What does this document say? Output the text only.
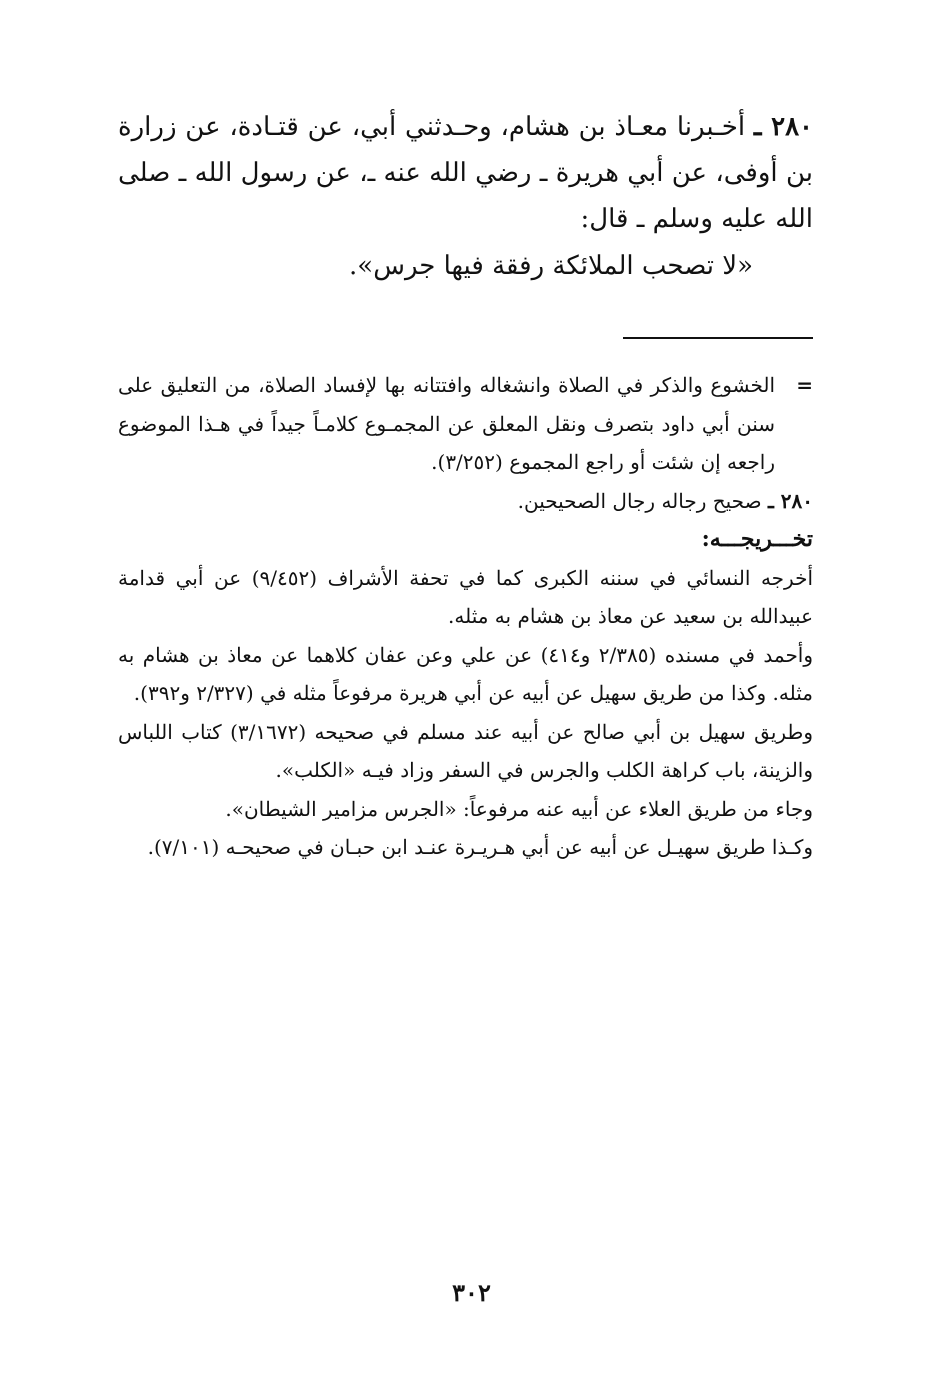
٢٨٠ ـ أخـبرنا معـاذ بن هشام، وحـدثني أبي، عن قتـادة، عن زرارة بن أوفى، عن أبي هريرة ـ رضي الله عنه ـ، عن رسول الله ـ صلى الله عليه وسلم ـ قال:

«لا تصحب الملائكة رفقة فيها جرس».

=
الخشوع والذكر في الصلاة وانشغاله وافتتانه بها لإفساد الصلاة، من التعليق على سنن أبي داود بتصرف ونقل المعلق عن المجمـوع كلامـاً جيداً في هـذا الموضوع راجعه إن شئت أو راجع المجموع (٣/٢٥٢).

٢٨٠ ـ صحيح رجاله رجال الصحيحين.

تخـــريجـــه:

أخرجه النسائي في سننه الكبرى كما في تحفة الأشراف (٩/٤٥٢) عن أبي قدامة عبيدالله بن سعيد عن معاذ بن هشام به مثله.

وأحمد في مسنده (٢/٣٨٥ و٤١٤) عن علي وعن عفان كلاهما عن معاذ بن هشام به مثله. وكذا من طريق سهيل عن أبيه عن أبي هريرة مرفوعاً مثله في (٢/٣٢٧ و٣٩٢).

وطريق سهيل بن أبي صالح عن أبيه عند مسلم في صحيحه (٣/١٦٧٢) كتاب اللباس والزينة، باب كراهة الكلب والجرس في السفر وزاد فيـه «الكلب».

وجاء من طريق العلاء عن أبيه عنه مرفوعاً: «الجرس مزامير الشيطان».

وكـذا طريق سهيـل عن أبيه عن أبي هـريـرة عنـد ابن حبـان في صحيحـه (٧/١٠١).

٣٠٢
